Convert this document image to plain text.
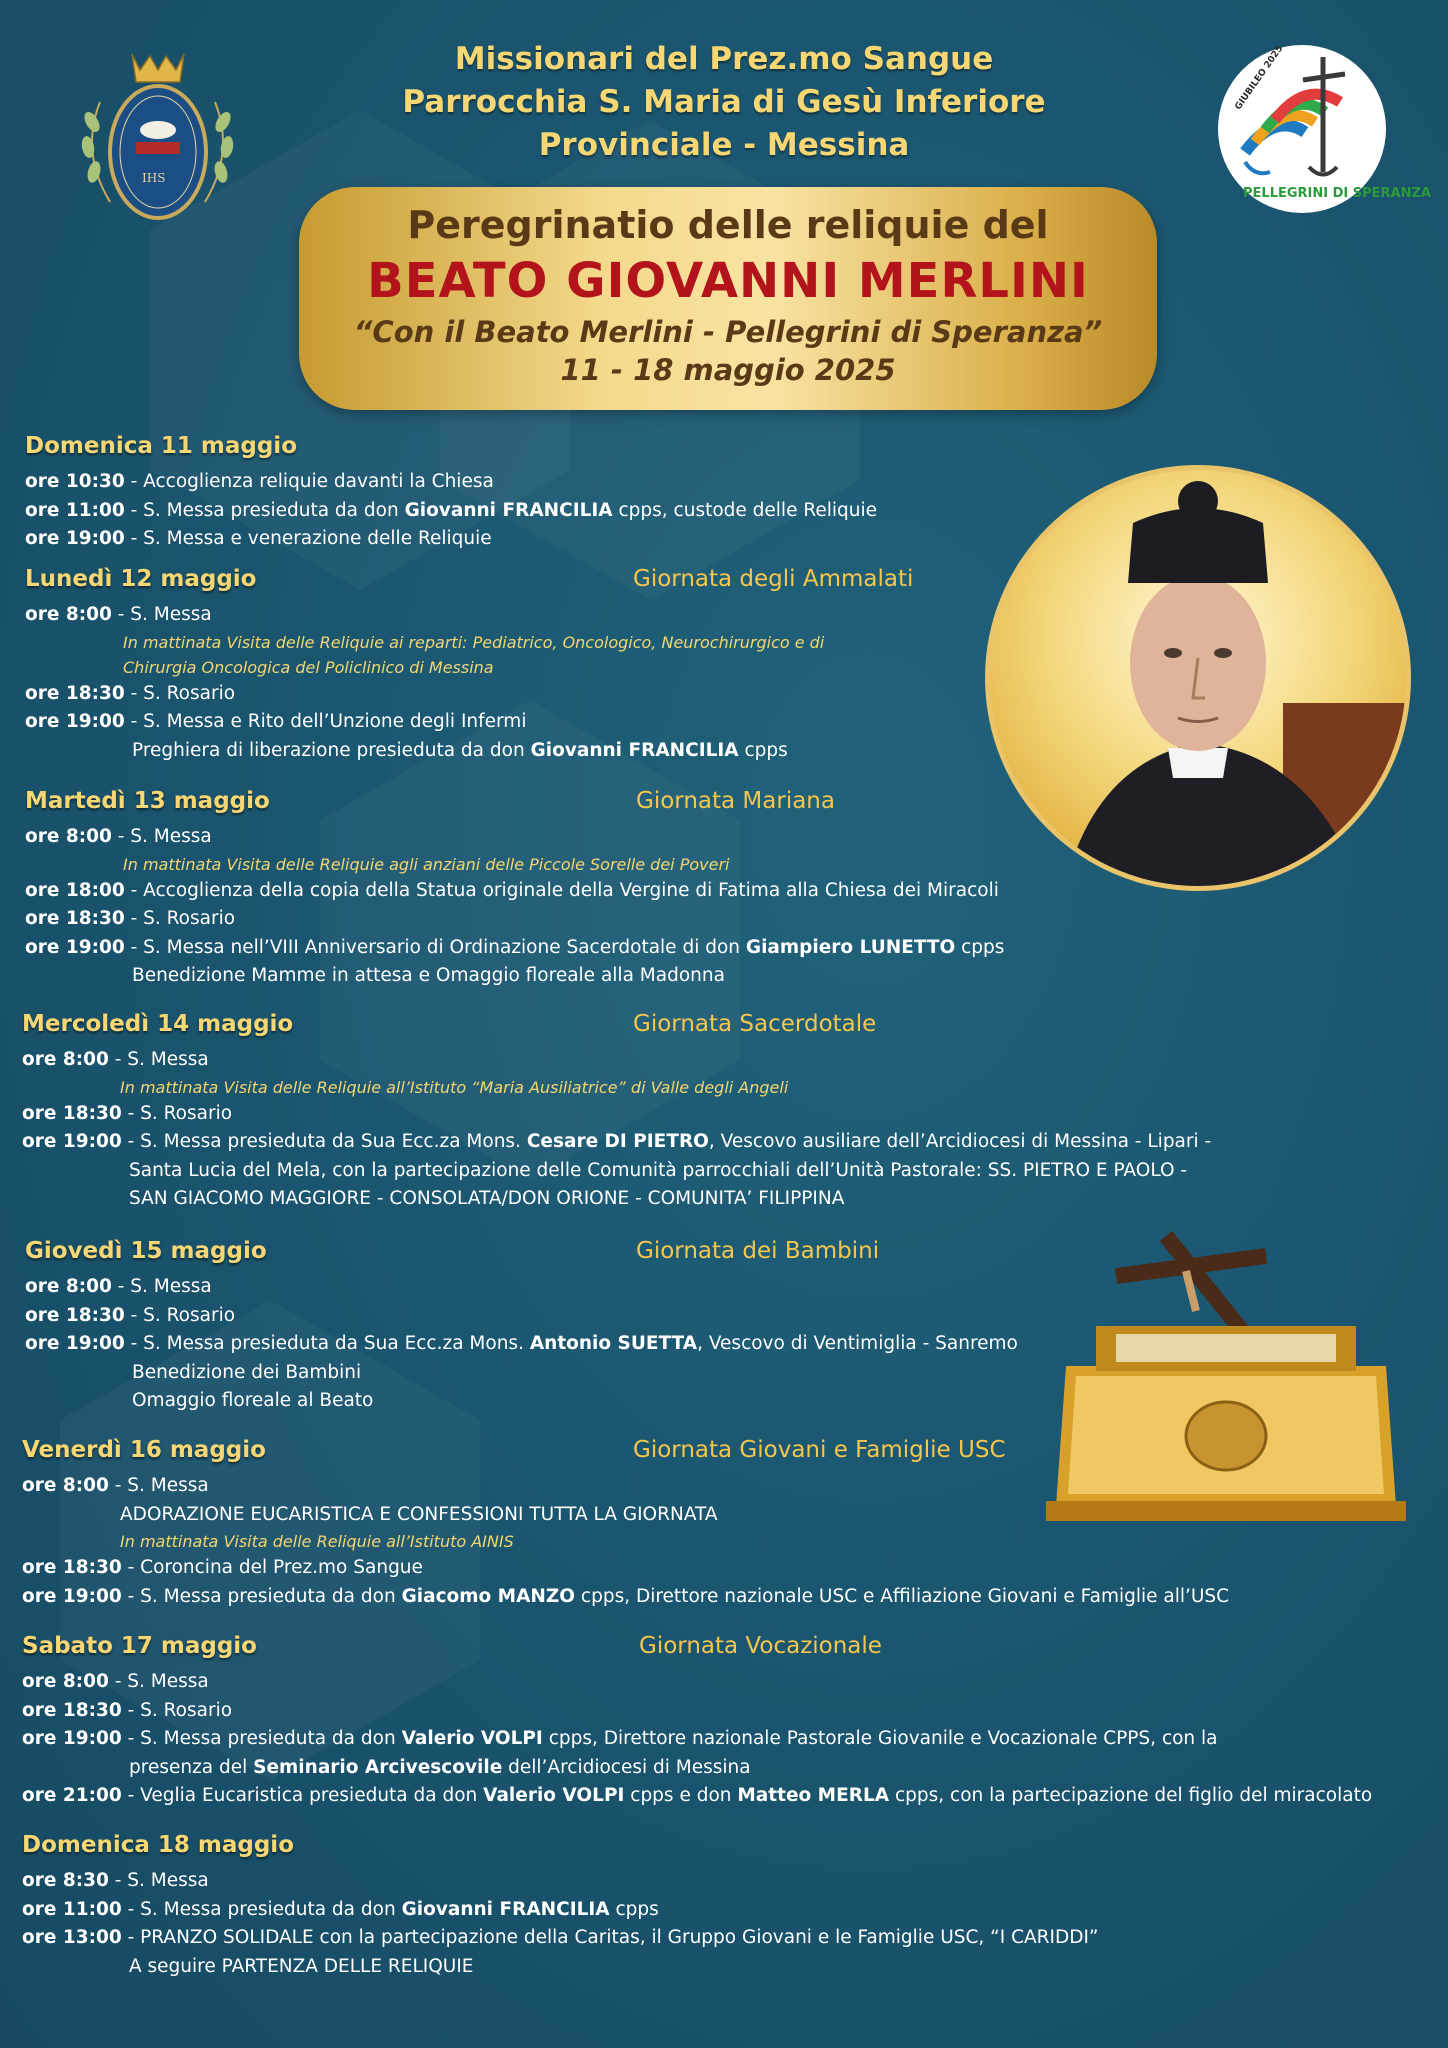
IHS
GIUBILEO 2025
PELLEGRINI DI SPERANZA
Missionari del Prez.mo Sangue
Parrocchia S. Maria di Gesù Inferiore
Provinciale - Messina
Peregrinatio delle reliquie del
BEATO GIOVANNI MERLINI
“Con il Beato Merlini - Pellegrini di Speranza”
11 - 18 maggio 2025
Domenica 11 maggio
ore 10:30 - Accoglienza reliquie davanti la Chiesa
ore 11:00 - S. Messa presieduta da don Giovanni FRANCILIA cpps, custode delle Reliquie
ore 19:00 - S. Messa e venerazione delle Reliquie
Lunedì 12 maggio	Giornata degli Ammalati
ore 8:00 - S. Messa
In mattinata Visita delle Reliquie ai reparti: Pediatrico, Oncologico, Neurochirurgico e di
Chirurgia Oncologica del Policlinico di Messina
ore 18:30 - S. Rosario
ore 19:00 - S. Messa e Rito dell’Unzione degli Infermi
Preghiera di liberazione presieduta da don Giovanni FRANCILIA cpps
Martedì 13 maggio	Giornata Mariana
ore 8:00 - S. Messa
In mattinata Visita delle Reliquie agli anziani delle Piccole Sorelle dei Poveri
ore 18:00 - Accoglienza della copia della Statua originale della Vergine di Fatima alla Chiesa dei Miracoli
ore 18:30 - S. Rosario
ore 19:00 - S. Messa nell’VIII Anniversario di Ordinazione Sacerdotale di don Giampiero LUNETTO cpps
Benedizione Mamme in attesa e Omaggio floreale alla Madonna
Mercoledì 14 maggio	Giornata Sacerdotale
ore 8:00 - S. Messa
In mattinata Visita delle Reliquie all’Istituto “Maria Ausiliatrice” di Valle degli Angeli
ore 18:30 - S. Rosario
ore 19:00 - S. Messa presieduta da Sua Ecc.za Mons. Cesare DI PIETRO, Vescovo ausiliare dell’Arcidiocesi di Messina - Lipari -
Santa Lucia del Mela, con la partecipazione delle Comunità parrocchiali dell’Unità Pastorale: SS. PIETRO E PAOLO -
SAN GIACOMO MAGGIORE - CONSOLATA/DON ORIONE - COMUNITA’ FILIPPINA
Giovedì 15 maggio	Giornata dei Bambini
ore 8:00 - S. Messa
ore 18:30 - S. Rosario
ore 19:00 - S. Messa presieduta da Sua Ecc.za Mons. Antonio SUETTA, Vescovo di Ventimiglia - Sanremo
Benedizione dei Bambini
Omaggio floreale al Beato
Venerdì 16 maggio	Giornata Giovani e Famiglie USC
ore 8:00 - S. Messa
ADORAZIONE EUCARISTICA E CONFESSIONI TUTTA LA GIORNATA
In mattinata Visita delle Reliquie all’Istituto AINIS
ore 18:30 - Coroncina del Prez.mo Sangue
ore 19:00 - S. Messa presieduta da don Giacomo MANZO cpps, Direttore nazionale USC e Affiliazione Giovani e Famiglie all’USC
Sabato 17 maggio	Giornata Vocazionale
ore 8:00 - S. Messa
ore 18:30 - S. Rosario
ore 19:00 - S. Messa presieduta da don Valerio VOLPI cpps, Direttore nazionale Pastorale Giovanile e Vocazionale CPPS, con la
presenza del Seminario Arcivescovile dell’Arcidiocesi di Messina
ore 21:00 - Veglia Eucaristica presieduta da don Valerio VOLPI cpps e don Matteo MERLA cpps, con la partecipazione del figlio del miracolato
Domenica 18 maggio
ore 8:30 - S. Messa
ore 11:00 - S. Messa presieduta da don Giovanni FRANCILIA cpps
ore 13:00 - PRANZO SOLIDALE con la partecipazione della Caritas, il Gruppo Giovani e le Famiglie USC, “I CARIDDI”
A seguire PARTENZA DELLE RELIQUIE
